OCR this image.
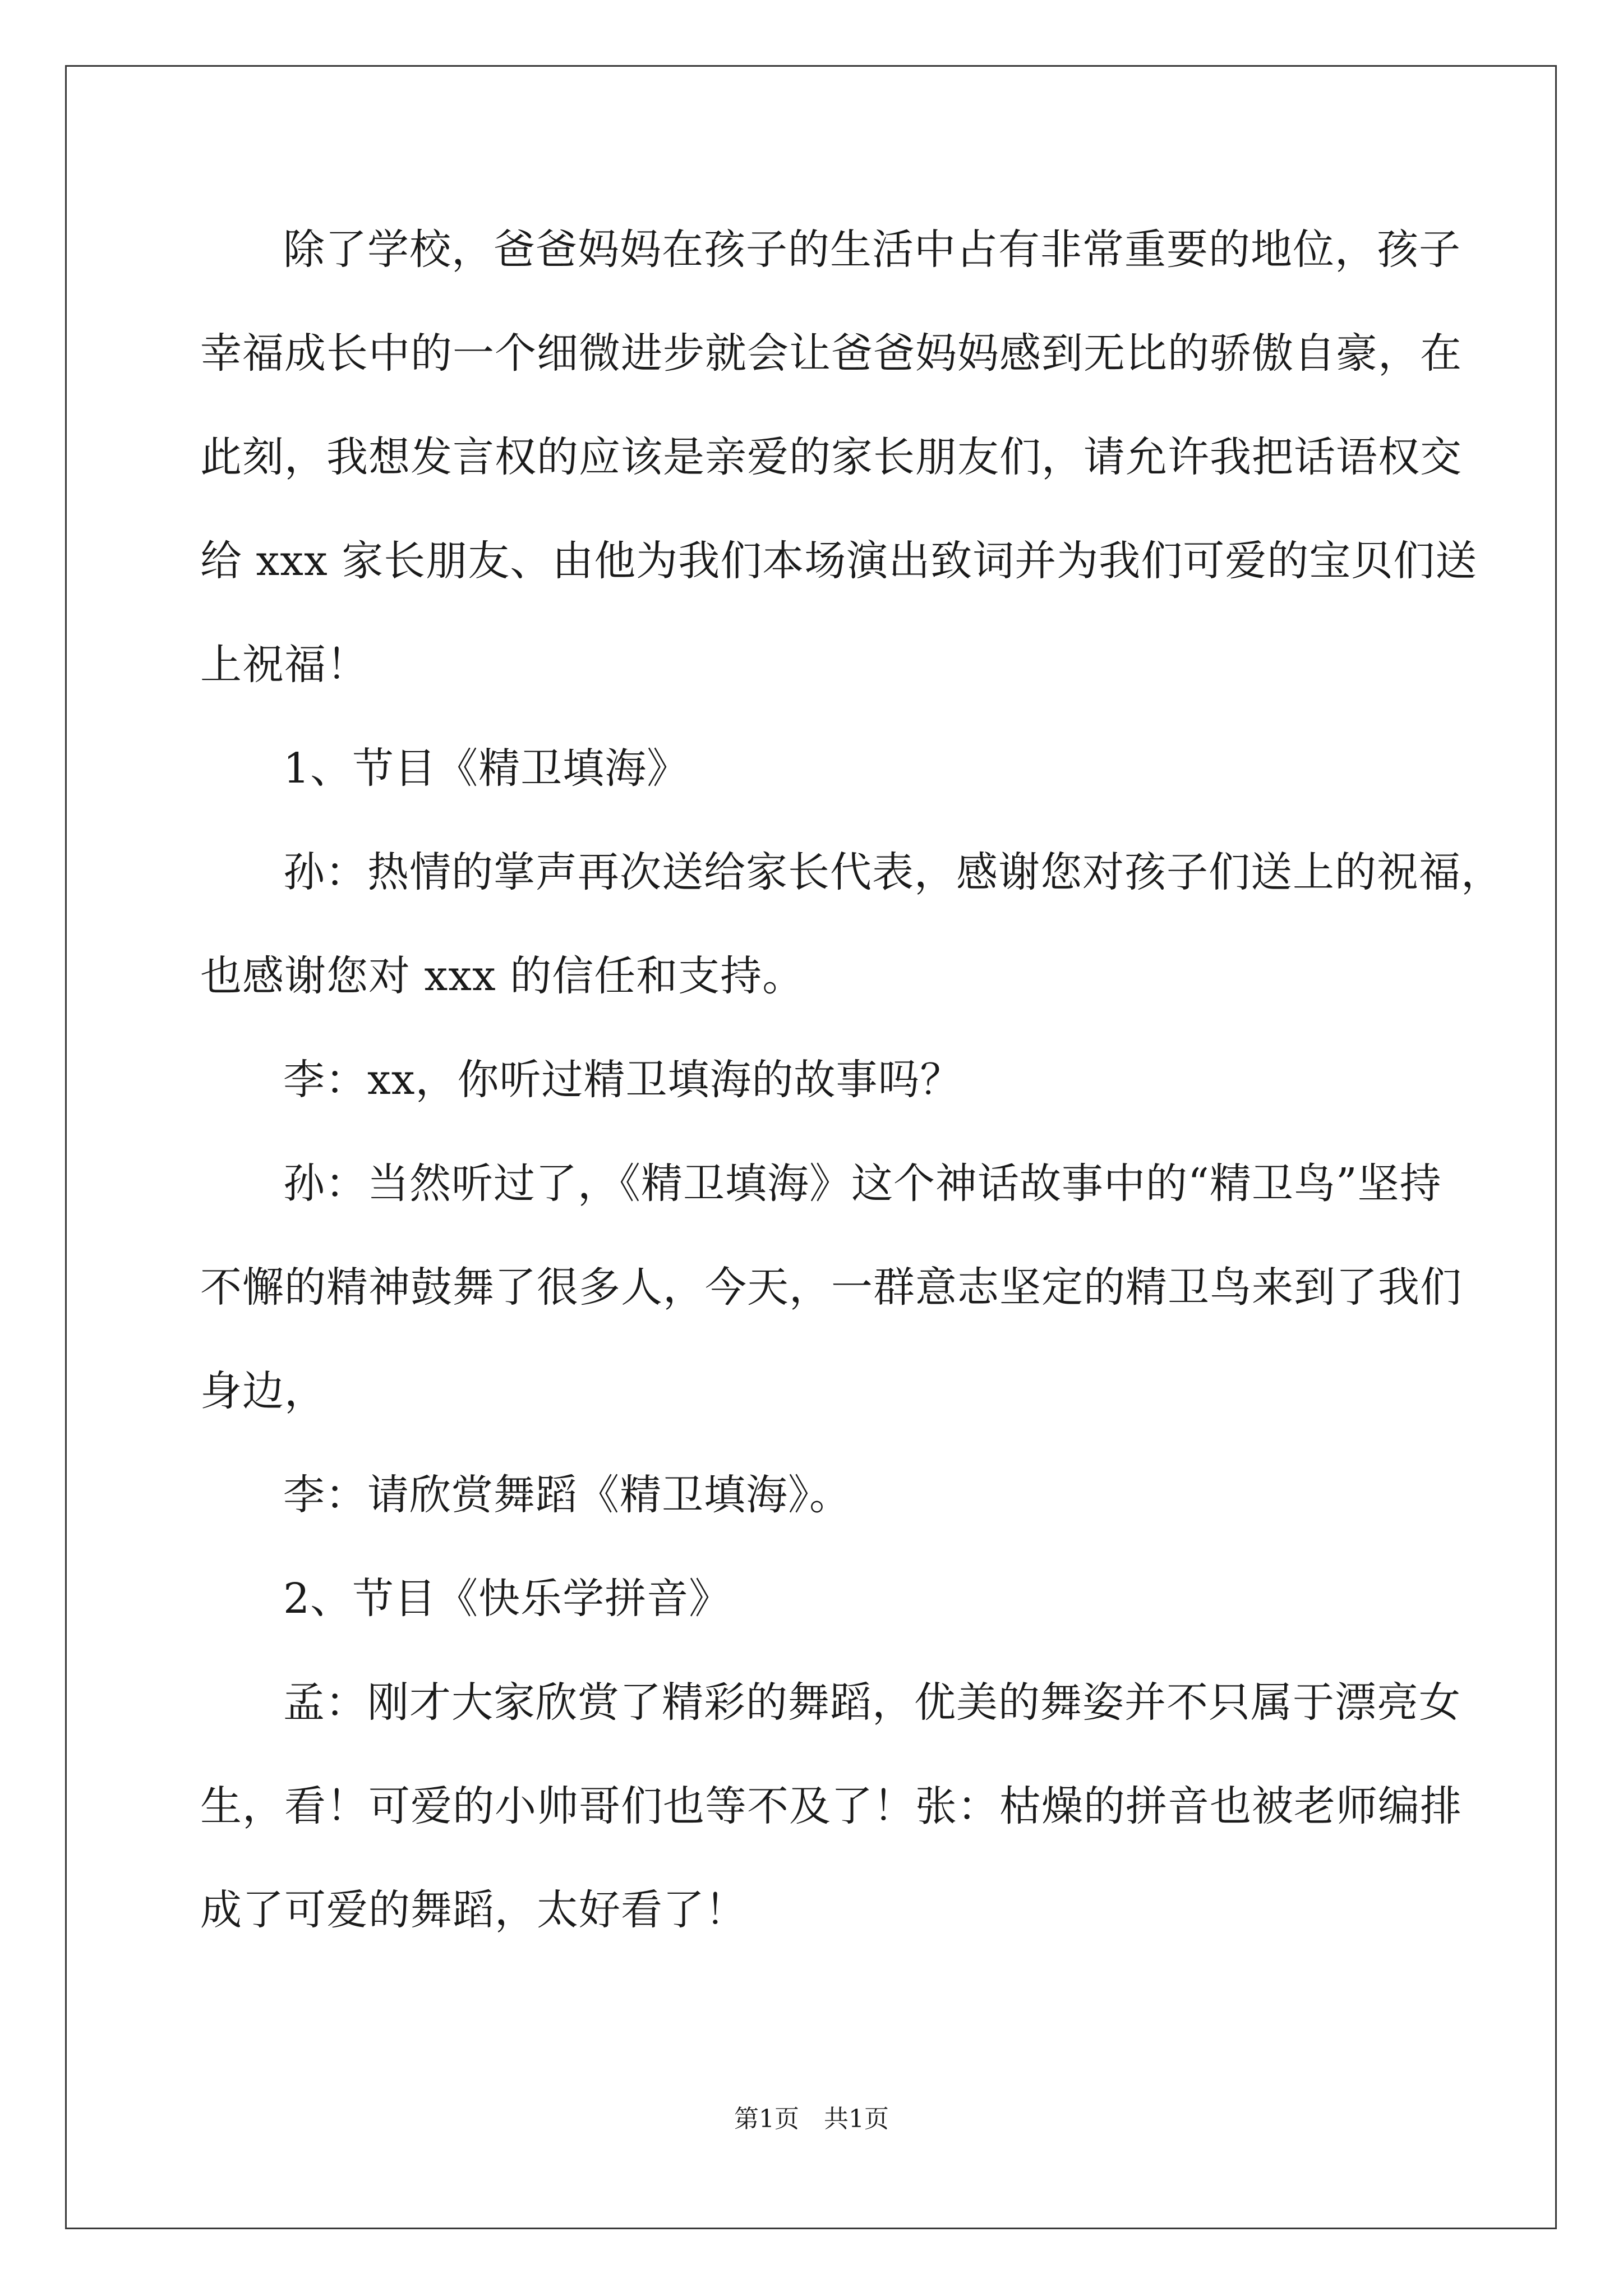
除了学校，爸爸妈妈在孩子的生活中占有非常重要的地位，孩子
幸福成长中的一个细微进步就会让爸爸妈妈感到无比的骄傲自豪，在
此刻，我想发言权的应该是亲爱的家长朋友们，请允许我把话语权交
给 xxx 家长朋友、由他为我们本场演出致词并为我们可爱的宝贝们送
上祝福！
1、节目《精卫填海》
孙：热情的掌声再次送给家长代表，感谢您对孩子们送上的祝福，
也感谢您对 xxx 的信任和支持。
李：xx，你听过精卫填海的故事吗？
孙：当然听过了，《精卫填海》这个神话故事中的“精卫鸟”坚持
不懈的精神鼓舞了很多人，今天，一群意志坚定的精卫鸟来到了我们
身边，
李：请欣赏舞蹈《精卫填海》。
2、节目《快乐学拼音》
孟：刚才大家欣赏了精彩的舞蹈，优美的舞姿并不只属于漂亮女
生，看！可爱的小帅哥们也等不及了！张：枯燥的拼音也被老师编排
成了可爱的舞蹈，太好看了！
第1页　共1页
